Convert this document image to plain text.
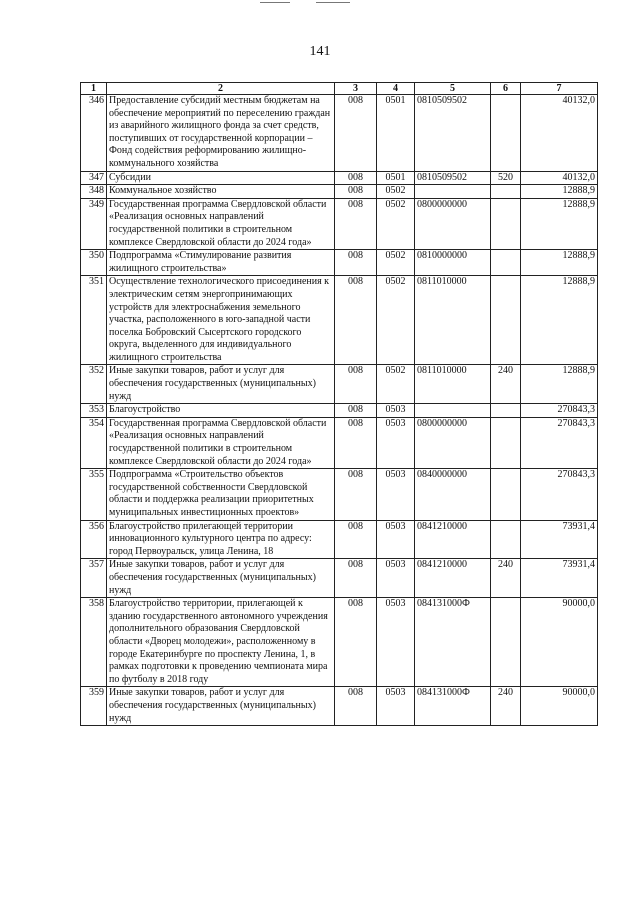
141
1	2	3	4	5	6	7
346	Предоставление субсидий местным бюджетам на обеспечение мероприятий по переселению граждан из аварийного жилищного фонда за счет средств, поступивших от государственной корпорации – Фонд содействия реформированию жилищно-коммунального хозяйства	008	0501	0810509502		40132,0
347	Субсидии	008	0501	0810509502	520	40132,0
348	Коммунальное хозяйство	008	0502			12888,9
349	Государственная программа Свердловской области «Реализация основных направлений государственной политики в строительном комплексе Свердловской области до 2024 года»	008	0502	0800000000		12888,9
350	Подпрограмма «Стимулирование развития жилищного строительства»	008	0502	0810000000		12888,9
351	Осуществление технологического присоединения к электрическим сетям энергопринимающих устройств для электроснабжения земельного участка, расположенного в юго-западной части поселка Бобровский Сысертского городского округа, выделенного для индивидуального жилищного строительства	008	0502	0811010000		12888,9
352	Иные закупки товаров, работ и услуг для обеспечения государственных (муниципальных) нужд	008	0502	0811010000	240	12888,9
353	Благоустройство	008	0503			270843,3
354	Государственная программа Свердловской области «Реализация основных направлений государственной политики в строительном комплексе Свердловской области до 2024 года»	008	0503	0800000000		270843,3
355	Подпрограмма «Строительство объектов государственной собственности Свердловской области и поддержка реализации приоритетных муниципальных инвестиционных проектов»	008	0503	0840000000		270843,3
356	Благоустройство прилегающей территории инновационного культурного центра по адресу: город Первоуральск, улица Ленина, 18	008	0503	0841210000		73931,4
357	Иные закупки товаров, работ и услуг для обеспечения государственных (муниципальных) нужд	008	0503	0841210000	240	73931,4
358	Благоустройство территории, прилегающей к зданию государственного автономного учреждения дополнительного образования Свердловской области «Дворец молодежи», расположенному в городе Екатеринбурге по проспекту Ленина, 1, в рамках подготовки к проведению чемпионата мира по футболу в 2018 году	008	0503	084131000Ф		90000,0
359	Иные закупки товаров, работ и услуг для обеспечения государственных (муниципальных) нужд	008	0503	084131000Ф	240	90000,0
